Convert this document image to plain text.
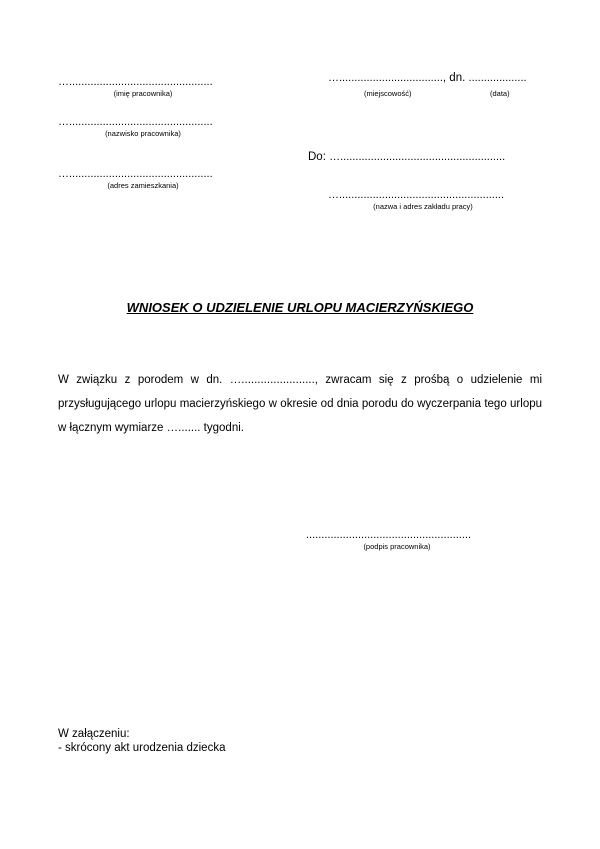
…...............................................
(imię pracownika)
…...............................................
(nazwisko pracownika)
…...............................................
(adres zamieszkania)
….................................., dn. ...................
(miejscowość)	(data)
Do: …......................................................
…......................................................
(nazwa i adres zakładu pracy)
WNIOSEK O UDZIELENIE URLOPU MACIERZYŃSKIEGO
W związku z porodem w dn. …......................., zwracam się z prośbą o udzielenie mi przysługującego urlopu macierzyńskiego w okresie od dnia porodu do wyczerpania tego urlopu w łącznym wymiarze …....... tygodni.
......................................................
(podpis pracownika)
W załączeniu:
- skrócony akt urodzenia dziecka
